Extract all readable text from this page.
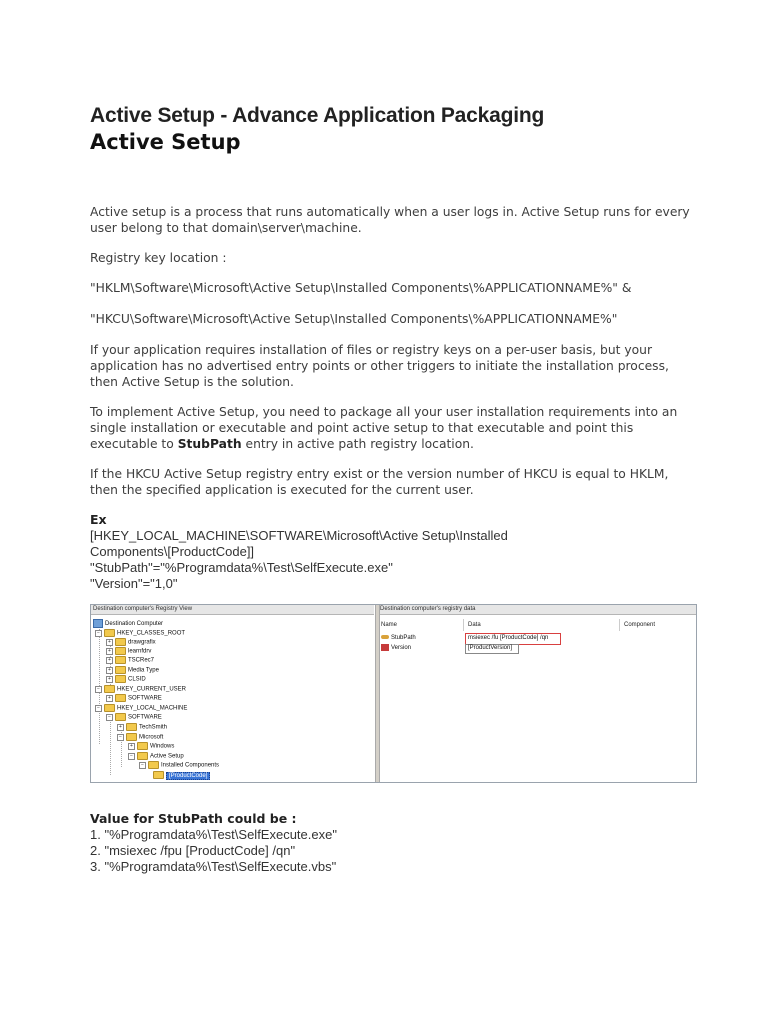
Active Setup - Advance Application Packaging
Active Setup

Active setup is a process that runs automatically when a user logs in. Active Setup runs for every user belong to that domain\server\machine.

Registry key location :

"HKLM\Software\Microsoft\Active Setup\Installed Components\%APPLICATIONNAME%" &

"HKCU\Software\Microsoft\Active Setup\Installed Components\%APPLICATIONNAME%"

If your application requires installation of files or registry keys on a per-user basis, but your application has no advertised entry points or other triggers to initiate the installation process, then Active Setup is the solution.

To implement Active Setup, you need to package all your user installation requirements into an single installation or executable and point active setup to that executable and point this executable to StubPath entry in active path registry location.

If the HKCU Active Setup registry entry exist or the version number of HKCU is equal to HKLM, then the specified application is executed for the current user.

Ex

[HKEY_LOCAL_MACHINE\SOFTWARE\Microsoft\Active Setup\Installed

Components\[ProductCode]]

"StubPath"="%Programdata%\Test\SelfExecute.exe"

"Version"="1,0"

Destination computer's Registry View	Destination computer's registry data
Destination Computer
−	HKEY_CLASSES_ROOT
+	drawgrafix
+	learnfdrv
+	TSCRec7
+	Media Type
+	CLSID
−	HKEY_CURRENT_USER
+	SOFTWARE
−	HKEY_LOCAL_MACHINE
−	SOFTWARE
+	TechSmith
−	Microsoft
+	Windows
−	Active Setup
−	Installed Components
[ProductCode]
Name	Data	Component
StubPath	msiexec /fu [ProductCode] /qn
Version	[ProductVersion]

Value for StubPath could be :

1. "%Programdata%\Test\SelfExecute.exe"

2. "msiexec /fpu [ProductCode] /qn"

3. "%Programdata%\Test\SelfExecute.vbs"
